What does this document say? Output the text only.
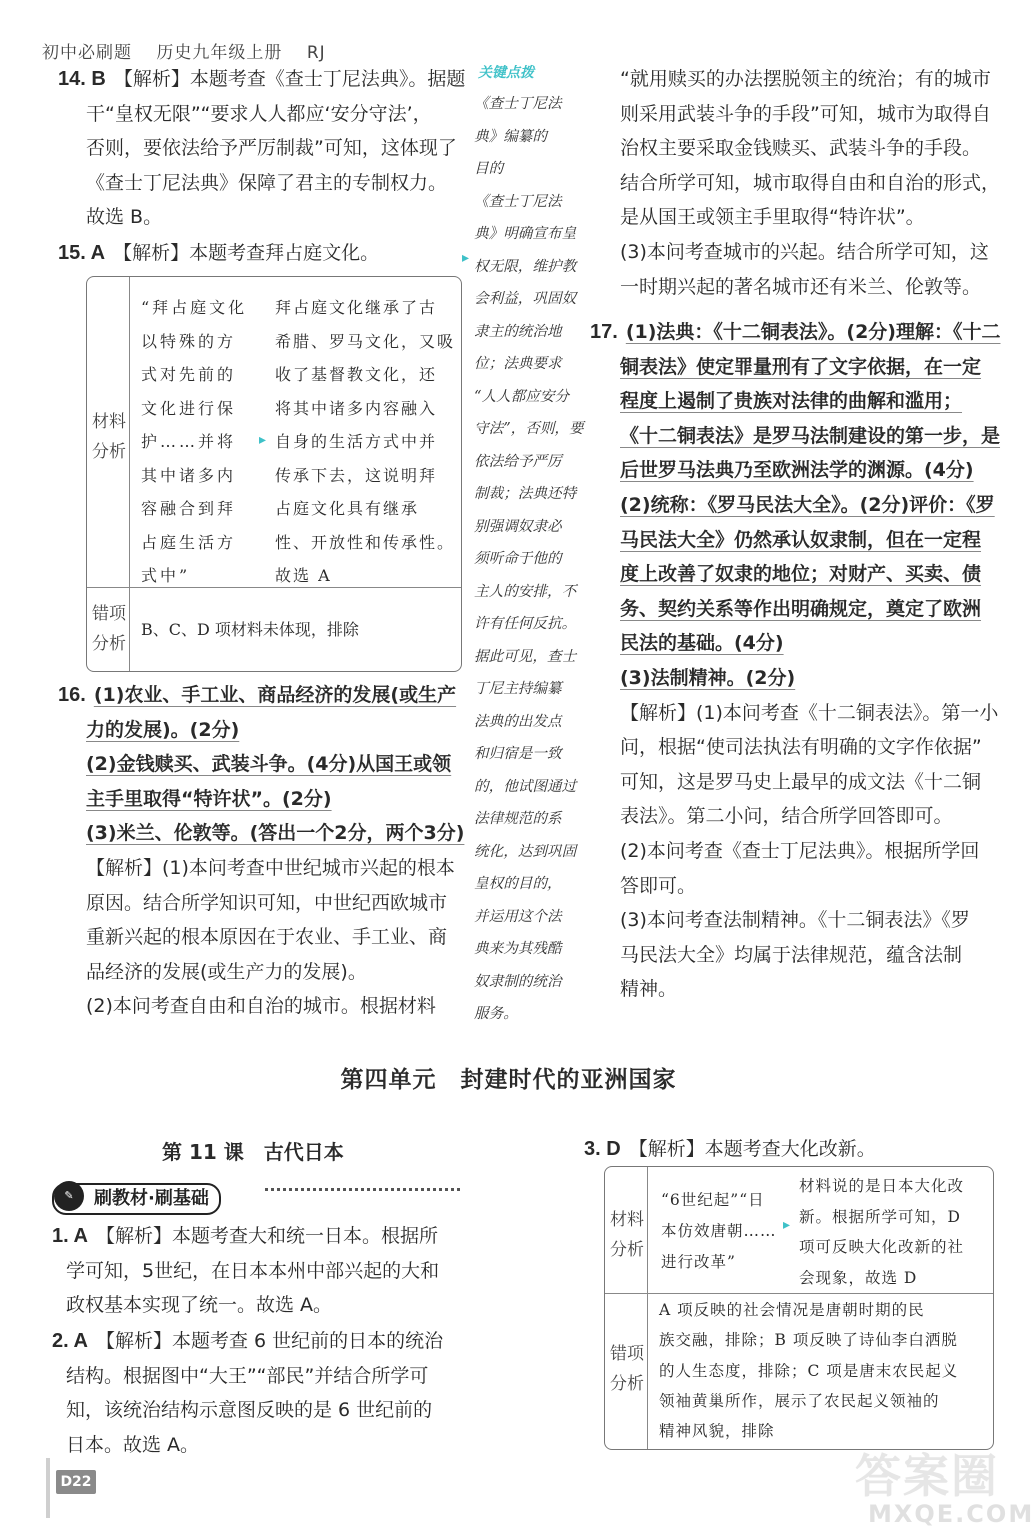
初中必刷题 历史九年级上册 RJ

14. B 【解析】本题考查《查士丁尼法典》。据题

干“皇权无限”“要求人人都应‘安分守法’，

否则，要依法给予严厉制裁”可知，这体现了

《查士丁尼法典》保障了君主的专制权力。

故选 B。

15. A 【解析】本题考查拜占庭文化。

材料
分析
“拜占庭文化
以特殊的方
式对先前的
文化进行保
护……并将
其中诸多内
容融合到拜
占庭生活方
式中”
▸
拜占庭文化继承了古
希腊、罗马文化，又吸
收了基督教文化，还
将其中诸多内容融入
自身的生活方式中并
传承下去，这说明拜
占庭文化具有继承
性、开放性和传承性。
故选 A
错项
分析
B、C、D 项材料未体现，排除

16. (1)农业、手工业、商品经济的发展(或生产

力的发展)。(2分)

(2)金钱赎买、武装斗争。(4分)从国王或领

主手里取得“特许状”。(2分)

(3)米兰、伦敦等。(答出一个2分，两个3分)

【解析】(1)本问考查中世纪城市兴起的根本

原因。结合所学知识可知，中世纪西欧城市

重新兴起的根本原因在于农业、手工业、商

品经济的发展(或生产力的发展)。

(2)本问考查自由和自治的城市。根据材料

关键点拨
《查士丁尼法
典》编纂的
目的
《查士丁尼法
典》明确宣布皇
权无限，维护教
会利益，巩固奴
隶主的统治地
位；法典要求
“人人都应安分
守法”，否则，要
依法给予严厉
制裁；法典还特
别强调奴隶必
须听命于他的
主人的安排，不
许有任何反抗。
据此可见，查士
丁尼主持编纂
法典的出发点
和归宿是一致
的，他试图通过
法律规范的系
统化，达到巩固
皇权的目的，
并运用这个法
典来为其残酷
奴隶制的统治
服务。
▸

“就用赎买的办法摆脱领主的统治；有的城市

则采用武装斗争的手段”可知，城市为取得自

治权主要采取金钱赎买、武装斗争的手段。

结合所学可知，城市取得自由和自治的形式，

是从国王或领主手里取得“特许状”。

(3)本问考查城市的兴起。结合所学可知，这

一时期兴起的著名城市还有米兰、伦敦等。

17. (1)法典：《十二铜表法》。(2分)理解：《十二

铜表法》使定罪量刑有了文字依据，在一定

程度上遏制了贵族对法律的曲解和滥用；

《十二铜表法》是罗马法制建设的第一步，是

后世罗马法典乃至欧洲法学的渊源。(4分)

(2)统称：《罗马民法大全》。(2分)评价：《罗

马民法大全》仍然承认奴隶制，但在一定程

度上改善了奴隶的地位；对财产、买卖、债

务、契约关系等作出明确规定，奠定了欧洲

民法的基础。(4分)

(3)法制精神。(2分)

【解析】(1)本问考查《十二铜表法》。第一小

问，根据“使司法执法有明确的文字作依据”

可知，这是罗马史上最早的成文法《十二铜

表法》。第二小问，结合所学回答即可。

(2)本问考查《查士丁尼法典》。根据所学回

答即可。

(3)本问考查法制精神。《十二铜表法》《罗

马民法大全》均属于法律规范，蕴含法制

精神。

第四单元　封建时代的亚洲国家
第 11 课　古代日本
刷教材·刷基础
✎

1. A 【解析】本题考查大和统一日本。根据所

学可知，5世纪，在日本本州中部兴起的大和

政权基本实现了统一。故选 A。

2. A 【解析】本题考查 6 世纪前的日本的统治

结构。根据图中“大王”“部民”并结合所学可

知，该统治结构示意图反映的是 6 世纪前的

日本。故选 A。

3. D 【解析】本题考查大化改新。

材料
分析
“6世纪起”“日
本仿效唐朝……
进行改革”
▸
材料说的是日本大化改
新。根据所学可知，D
项可反映大化改新的社
会现象，故选 D
错项
分析
A 项反映的社会情况是唐朝时期的民
族交融，排除；B 项反映了诗仙李白洒脱
的人生态度，排除；C 项是唐末农民起义
领袖黄巢所作，展示了农民起义领袖的
精神风貌，排除
D22	答案圈
MXQE.COM
